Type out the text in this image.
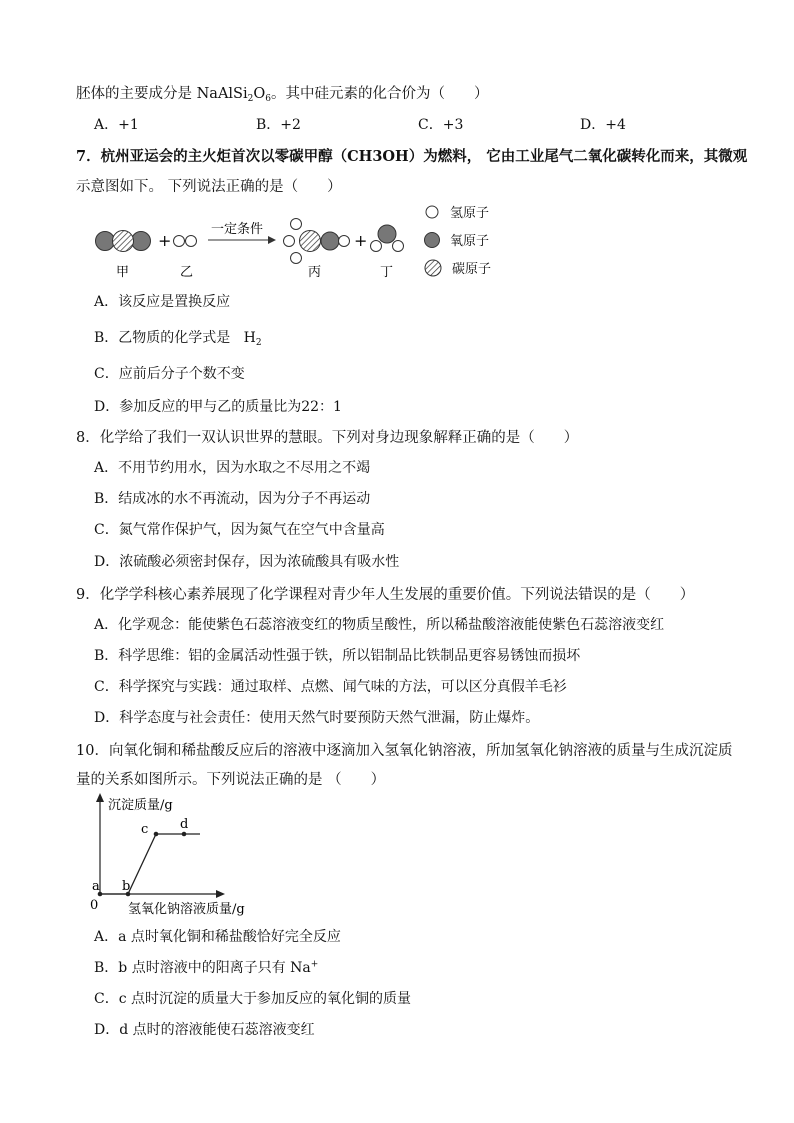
胚体的主要成分是 $NaAlSi_2O_6$。其中硅元素的化合价为（　　）
A．+1	B．+2	C．+3	D．+4
7．杭州亚运会的主火炬首次以零碳甲醇（CH3OH）为燃料， 它由工业尾气二氧化碳转化而来，其微观
示意图如下。 下列说法正确的是（　　）
+
一定条件
+
甲	乙	丙	丁
氢原子
氧原子
碳原子
A．该反应是置换反应
B．乙物质的化学式是 $H_2$
C．应前后分子个数不变
D．参加反应的甲与乙的质量比为22：1
8．化学给了我们一双认识世界的慧眼。下列对身边现象解释正确的是（　　）
A．不用节约用水，因为水取之不尽用之不竭
B．结成冰的水不再流动，因为分子不再运动
C．氮气常作保护气，因为氮气在空气中含量高
D．浓硫酸必须密封保存，因为浓硫酸具有吸水性
9．化学学科核心素养展现了化学课程对青少年人生发展的重要价值。下列说法错误的是（　　）
A．化学观念：能使紫色石蕊溶液变红的物质呈酸性，所以稀盐酸溶液能使紫色石蕊溶液变红
B．科学思维：铝的金属活动性强于铁，所以铝制品比铁制品更容易锈蚀而损坏
C．科学探究与实践：通过取样、点燃、闻气味的方法，可以区分真假羊毛衫
D．科学态度与社会责任：使用天然气时要预防天然气泄漏，防止爆炸。
10．向氧化铜和稀盐酸反应后的溶液中逐滴加入氢氧化钠溶液，所加氢氧化钠溶液的质量与生成沉淀质
量的关系如图所示。下列说法正确的是 （　　）
沉淀质量/g
0 氢氧化钠溶液质量/g
a b
c d
A．a 点时氧化铜和稀盐酸恰好完全反应
B．b 点时溶液中的阳离子只有 Na+
C．c 点时沉淀的质量大于参加反应的氧化铜的质量
D．d 点时的溶液能使石蕊溶液变红
